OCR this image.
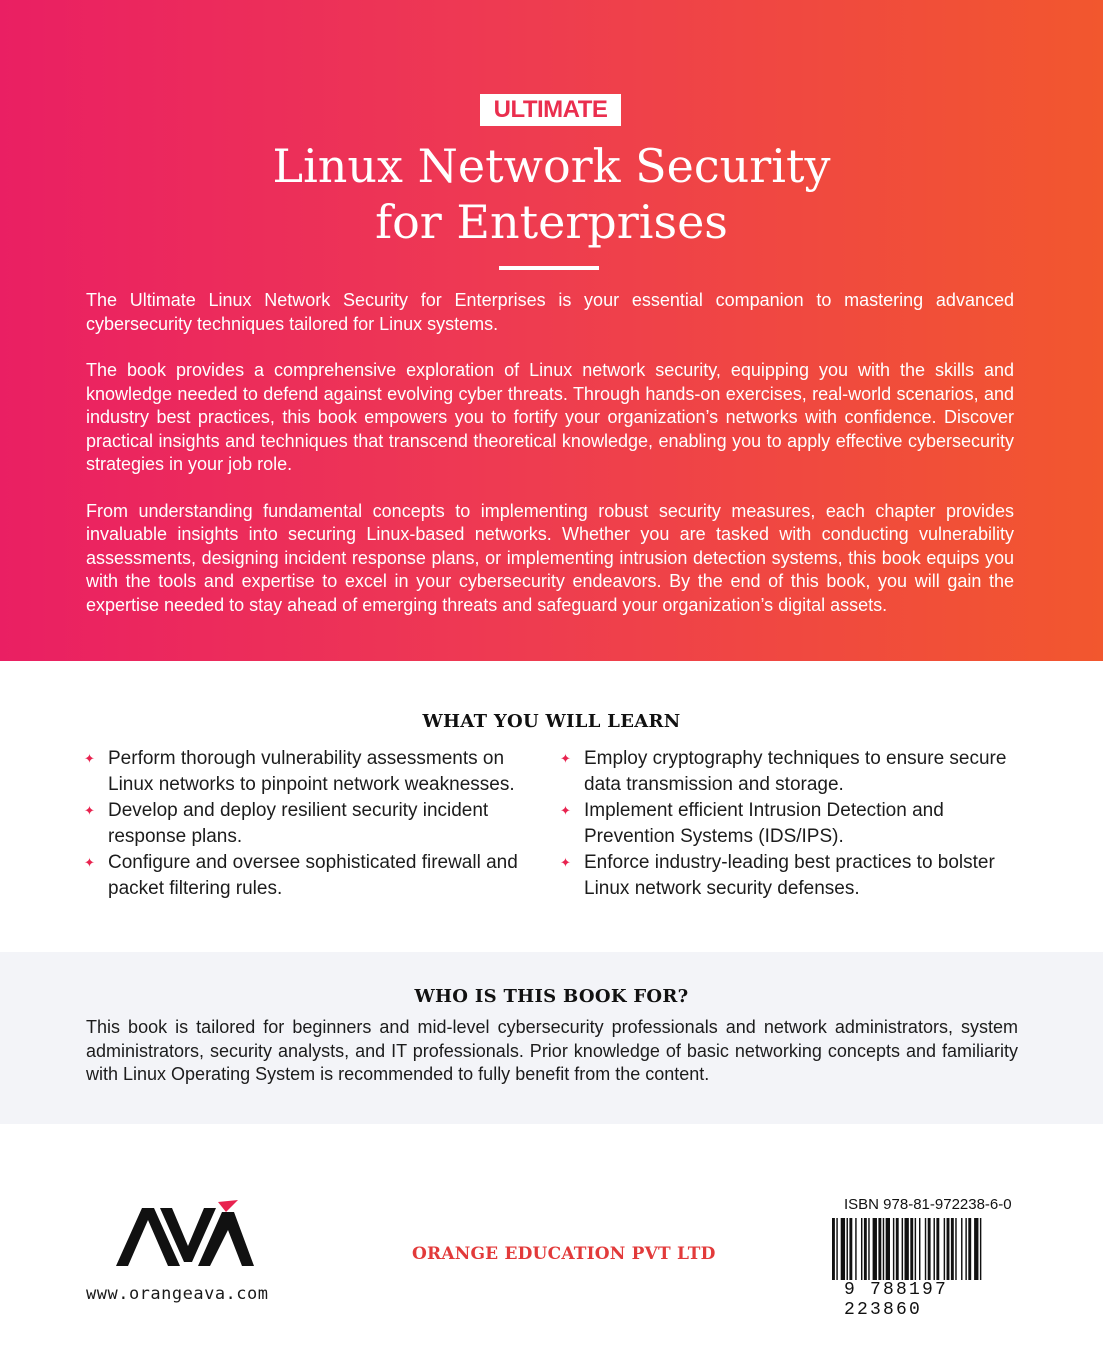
ULTIMATE
Linux Network Security
for Enterprises

The Ultimate Linux Network Security for Enterprises is your essential companion to mastering advanced cybersecurity techniques tailored for Linux systems.

The book provides a comprehensive exploration of Linux network security, equipping you with the skills and knowledge needed to defend against evolving cyber threats. Through hands-on exercises, real-world scenarios, and industry best practices, this book empowers you to fortify your organization’s networks with confidence. Discover practical insights and techniques that transcend theoretical knowledge, enabling you to apply effective cybersecurity strategies in your job role.

From understanding fundamental concepts to implementing robust security measures, each chapter provides invaluable insights into securing Linux-based networks. Whether you are tasked with conducting vulnerability assessments, designing incident response plans, or implementing intrusion detection systems, this book equips you with the tools and expertise to excel in your cybersecurity endeavors. By the end of this book, you will gain the expertise needed to stay ahead of emerging threats and safeguard your organization’s digital assets.

WHAT YOU WILL LEARN
✦ Perform thorough vulnerability assessments on Linux networks to pinpoint network weaknesses.
✦ Develop and deploy resilient security incident response plans.
✦ Configure and oversee sophisticated firewall and packet filtering rules.
✦ Employ cryptography techniques to ensure secure data transmission and storage.
✦ Implement efficient Intrusion Detection and Prevention Systems (IDS/IPS).
✦ Enforce industry-leading best practices to bolster Linux network security defenses.
WHO IS THIS BOOK FOR?
This book is tailored for beginners and mid-level cybersecurity professionals and network administrators, system administrators, security analysts, and IT professionals. Prior knowledge of basic networking concepts and familiarity with Linux Operating System is recommended to fully benefit from the content.
www.orangeava.com
ORANGE EDUCATION PVT LTD
ISBN 978-81-972238-6-0
9 788197 223860
